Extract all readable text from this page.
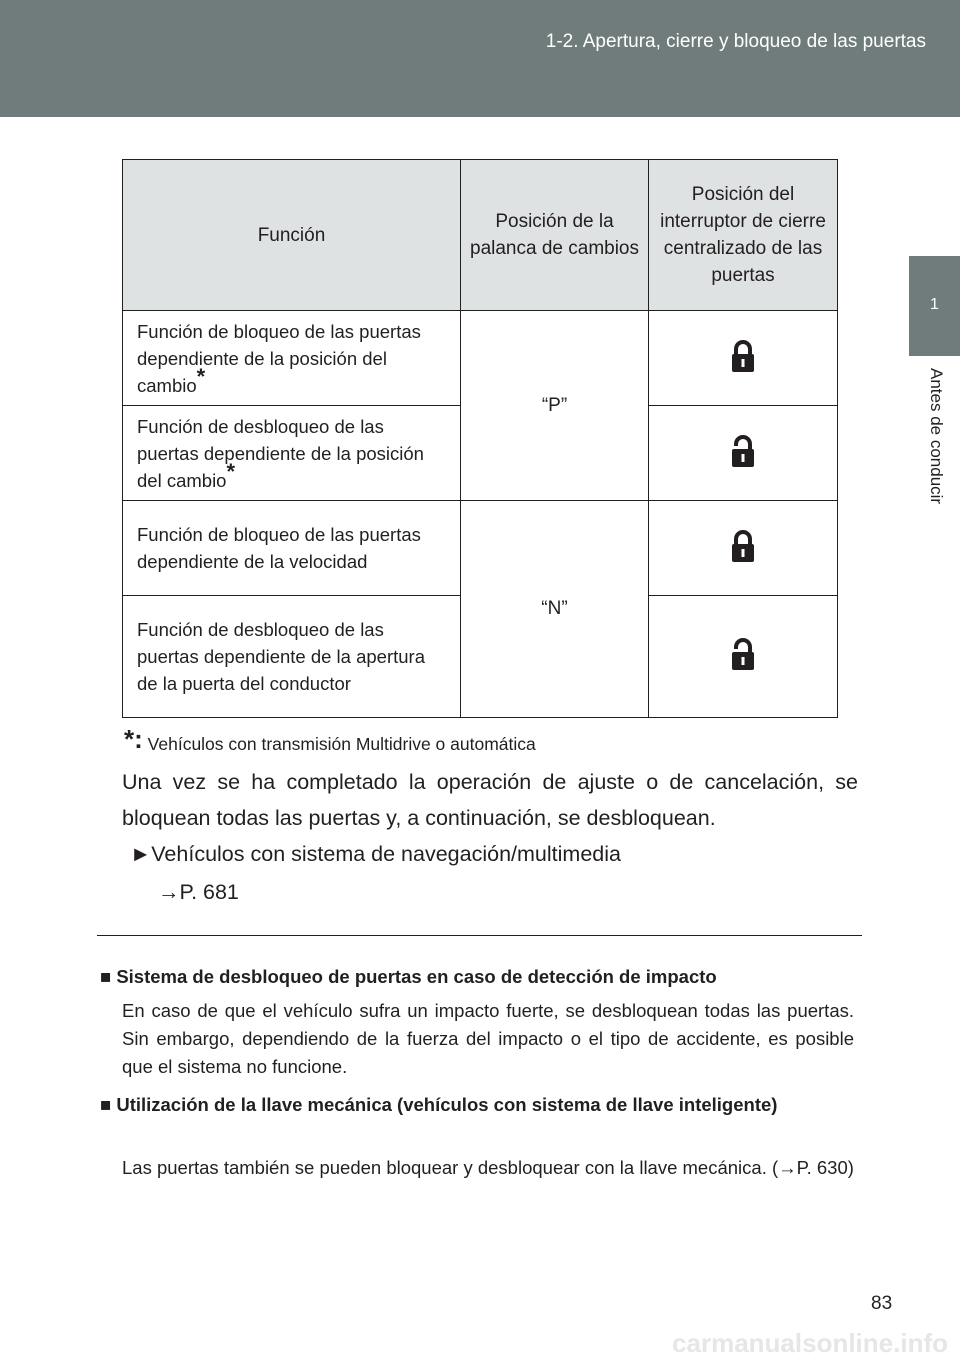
1-2. Apertura, cierre y bloqueo de las puertas
1
Antes de conducir
Función	Posición de la palanca de cambios	Posición del interruptor de cierre centralizado de las puertas
Función de bloqueo de las puertas dependiente de la posición del cambio*	“P”	
Función de desbloqueo de las puertas dependiente de la posición del cambio*	
Función de bloqueo de las puertas dependiente de la velocidad	“N”	
Función de desbloqueo de las puertas dependiente de la apertura de la puerta del conductor	
*: Vehículos con transmisión Multidrive o automática
Una vez se ha completado la operación de ajuste o de cancelación, se bloquean todas las puertas y, a continuación, se desbloquean.
►Vehículos con sistema de navegación/multimedia
→P. 681
■ Sistema de desbloqueo de puertas en caso de detección de impacto
En caso de que el vehículo sufra un impacto fuerte, se desbloquean todas las puertas. Sin embargo, dependiendo de la fuerza del impacto o el tipo de accidente, es posible que el sistema no funcione.
■ Utilización de la llave mecánica (vehículos con sistema de llave inteligente)
Las puertas también se pueden bloquear y desbloquear con la llave mecánica. (→P. 630)
83
carmanualsonline.info
